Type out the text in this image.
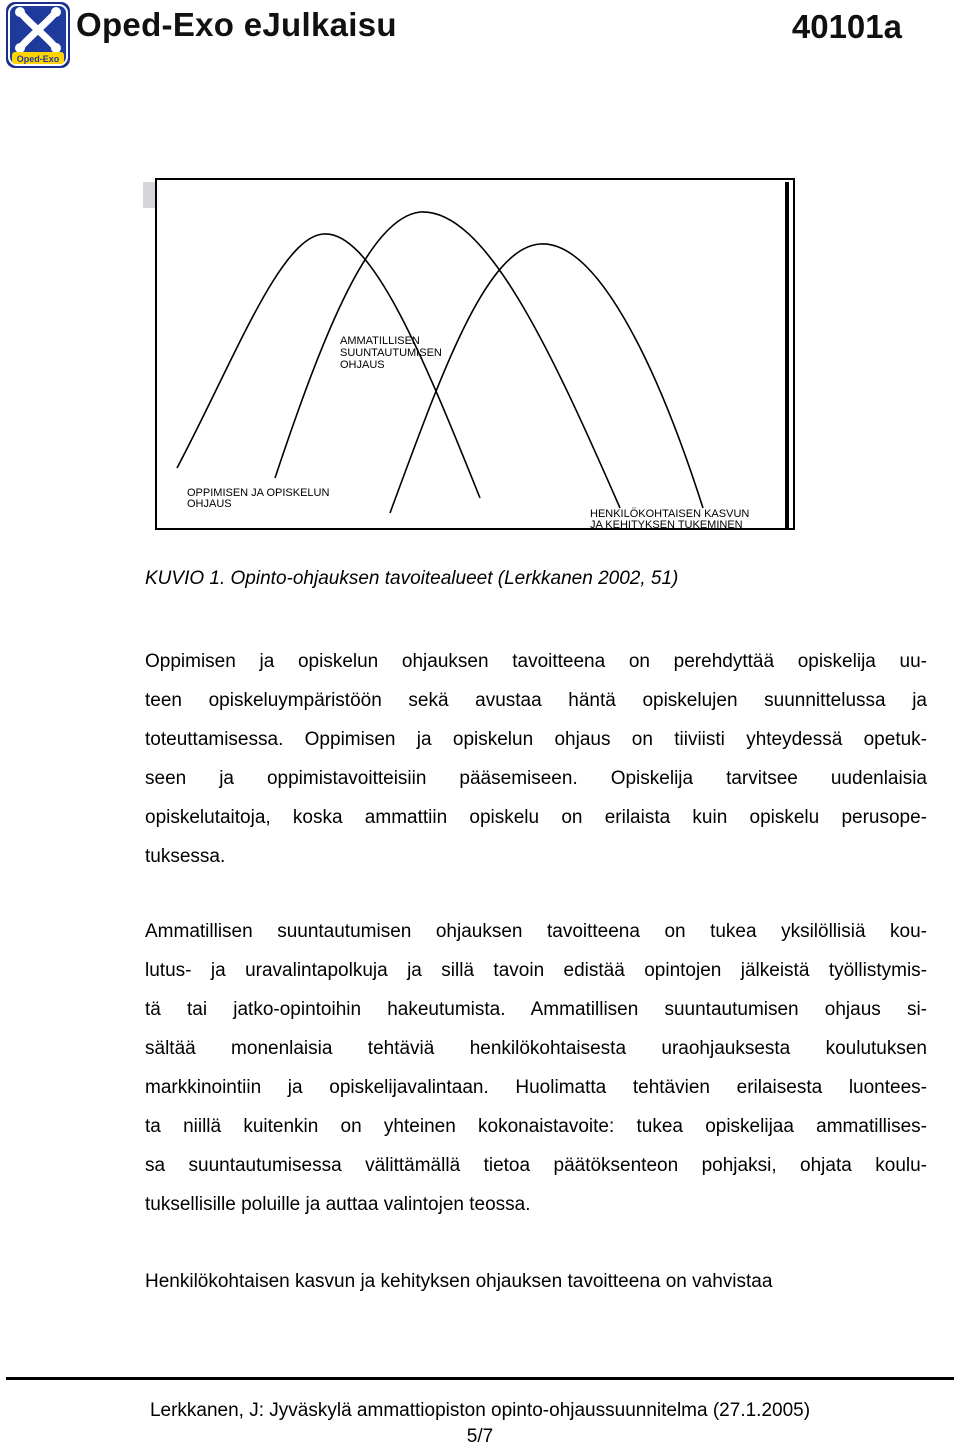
Oped-Exo
Oped-Exo eJulkaisu	40101a
AMMATILLISEN SUUNTAUTUMISEN OHJAUS
OPPIMISEN JA OPISKELUN OHJAUS
HENKILÖKOHTAISEN KASVUN JA KEHITYKSEN TUKEMINEN
KUVIO 1. Opinto-ohjauksen tavoitealueet (Lerkkanen 2002, 51)
Oppimisen ja opiskelun ohjauksen tavoitteena on perehdyttää opiskelija uu-
teen opiskeluympäristöön sekä avustaa häntä opiskelujen suunnittelussa ja
toteuttamisessa. Oppimisen ja opiskelun ohjaus on tiiviisti yhteydessä opetuk-
seen ja oppimistavoitteisiin pääsemiseen. Opiskelija tarvitsee uudenlaisia
opiskelutaitoja, koska ammattiin opiskelu on erilaista kuin opiskelu perusope-
tuksessa.
Ammatillisen suuntautumisen ohjauksen tavoitteena on tukea yksilöllisiä kou-
lutus- ja uravalintapolkuja ja sillä tavoin edistää opintojen jälkeistä työllistymis-
tä tai jatko-opintoihin hakeutumista. Ammatillisen suuntautumisen ohjaus si-
sältää monenlaisia tehtäviä henkilökohtaisesta uraohjauksesta koulutuksen
markkinointiin ja opiskelijavalintaan. Huolimatta tehtävien erilaisesta luontees-
ta niillä kuitenkin on yhteinen kokonaistavoite: tukea opiskelijaa ammatillises-
sa suuntautumisessa välittämällä tietoa päätöksenteon pohjaksi, ohjata koulu-
tuksellisille poluille ja auttaa valintojen teossa.
Henkilökohtaisen kasvun ja kehityksen ohjauksen tavoitteena on vahvistaa
Lerkkanen, J: Jyväskylä ammattiopiston opinto-ohjaussuunnitelma (27.1.2005)
5/7
